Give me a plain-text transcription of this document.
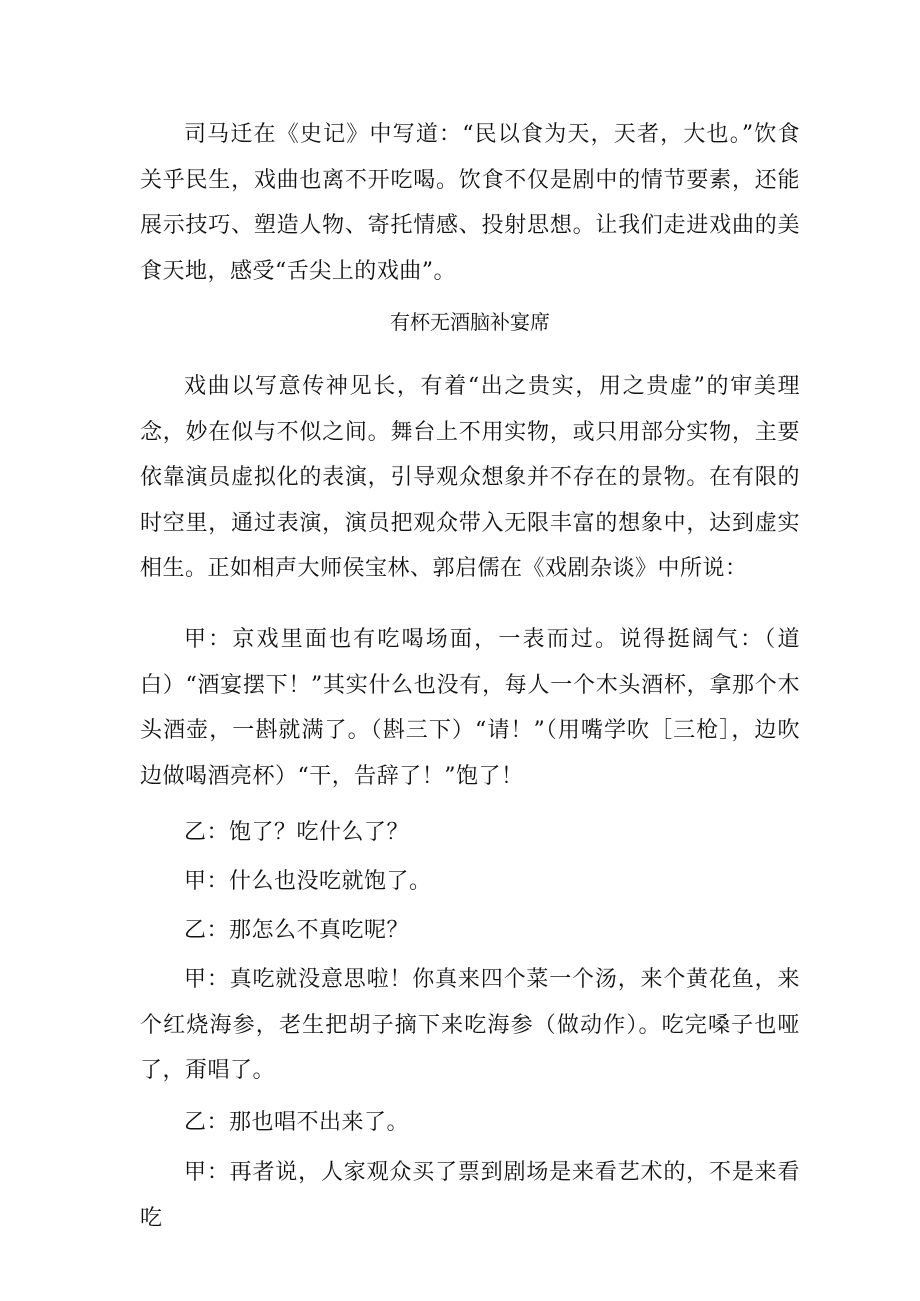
司马迁在《史记》中写道：“民以食为天，天者，大也。”饮食关乎民生，戏曲也离不开吃喝。饮食不仅是剧中的情节要素，还能展示技巧、塑造人物、寄托情感、投射思想。让我们走进戏曲的美食天地，感受“舌尖上的戏曲”。

有杯无酒脑补宴席

戏曲以写意传神见长，有着“出之贵实，用之贵虚”的审美理念，妙在似与不似之间。舞台上不用实物，或只用部分实物，主要依靠演员虚拟化的表演，引导观众想象并不存在的景物。在有限的时空里，通过表演，演员把观众带入无限丰富的想象中，达到虚实相生。正如相声大师侯宝林、郭启儒在《戏剧杂谈》中所说：

甲：京戏里面也有吃喝场面，一表而过。说得挺阔气：（道白）“酒宴摆下！”其实什么也没有，每人一个木头酒杯，拿那个木头酒壶，一斟就满了。（斟三下）“请！”（用嘴学吹［三枪］，边吹边做喝酒亮杯）“干，告辞了！”饱了！

乙：饱了？吃什么了？

甲：什么也没吃就饱了。

乙：那怎么不真吃呢？

甲：真吃就没意思啦！你真来四个菜一个汤，来个黄花鱼，来个红烧海参，老生把胡子摘下来吃海参（做动作）。吃完嗓子也哑了，甭唱了。

乙：那也唱不出来了。

甲：再者说，人家观众买了票到剧场是来看艺术的，不是来看吃
